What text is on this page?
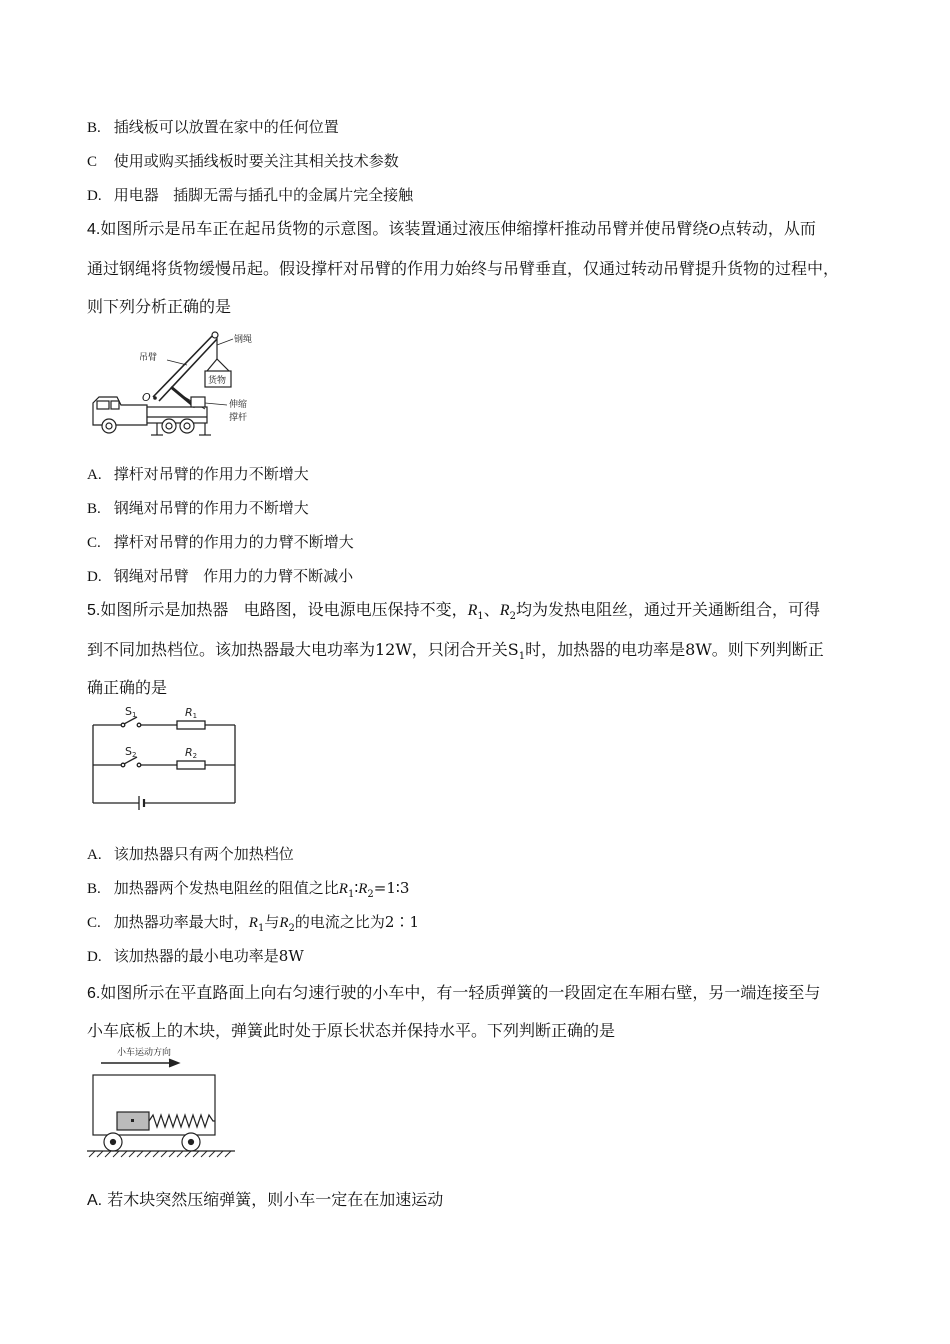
B. 插线板可以放置在家中的任何位置
C 使用或购买插线板时要关注其相关技术参数
D. 用电器   插脚无需与插孔中的金属片完全接触
4.如图所示是吊车正在起吊货物的示意图。该装置通过液压伸缩撑杆推动吊臂并使吊臂绕O点转动，从而
通过钢绳将货物缓慢吊起。假设撑杆对吊臂的作用力始终与吊臂垂直，仅通过转动吊臂提升货物的过程中，
则下列分析正确的是
吊臂
钢绳
货物
O
伸缩
撑杆
A. 撑杆对吊臂的作用力不断增大
B. 钢绳对吊臂的作用力不断增大
C. 撑杆对吊臂的作用力的力臂不断增大
D. 钢绳对吊臂   作用力的力臂不断减小
5.如图所示是加热器   电路图，设电源电压保持不变，$R_1$、$R_2$均为发热电阻丝，通过开关通断组合，可得
到不同加热档位。该加热器最大电功率为12W，只闭合开关$S_1$时，加热器的电功率是8W。则下列判断正
确正确的是
S1
S2
R1
R2
A. 该加热器只有两个加热档位
B. 加热器两个发热电阻丝的阻值之比$R_1∶R_2=1∶3$
C. 加热器功率最大时，$R_1$与$R_2$的电流之比为2∶1
D. 该加热器的最小电功率是8W
6.如图所示在平直路面上向右匀速行驶的小车中，有一轻质弹簧的一段固定在车厢右壁，另一端连接至与
小车底板上的木块，弹簧此时处于原长状态并保持水平。下列判断正确的是
小车运动方向
A. 若木块突然压缩弹簧，则小车一定在在加速运动
